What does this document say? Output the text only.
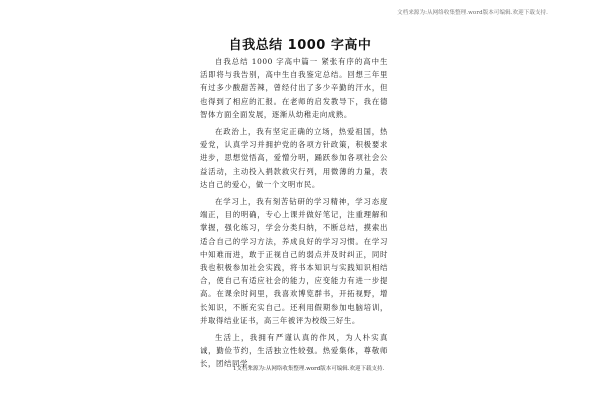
文档来源为:从网络收集整理.word版本可编辑.欢迎下载支持.
自我总结 1000 字高中

自我总结 1000 字高中篇一 紧张有序的高中生活即将与我告别，高中生自我鉴定总结。回想三年里有过多少酸甜苦辣，曾经付出了多少辛勤的汗水，但也得到了相应的汇报。在老师的启发教导下，我在德智体方面全面发展，逐渐从幼稚走向成熟。

在政治上，我有坚定正确的立场，热爱祖国，热爱党，认真学习并拥护党的各项方针政策，积极要求进步，思想觉悟高，爱憎分明，踊跃参加各项社会公益活动，主动投入捐款救灾行列，用微薄的力量，表达自己的爱心，做一个文明市民。

在学习上，我有刻苦钻研的学习精神，学习态度端正，目的明确，专心上课并做好笔记，注重理解和掌握，强化练习，学会分类归纳，不断总结，摸索出适合自己的学习方法，养成良好的学习习惯。在学习中知难而进，敢于正视自己的弱点并及时纠正，同时我也积极参加社会实践，将书本知识与实践知识相结合，使自己有适应社会的能力，应变能力有进一步提高。在课余时间里，我喜欢博览群书，开拓视野，增长知识，不断充实自己。还利用假期参加电脑培训，并取得结业证书，高三年被评为校级三好生。

生活上，我拥有严谨认真的作风，为人朴实真诚，勤俭节约，生活独立性较强。热爱集体，尊敬师长，团结同学，

1文档来源为:从网络收集整理.word版本可编辑.欢迎下载支持.
